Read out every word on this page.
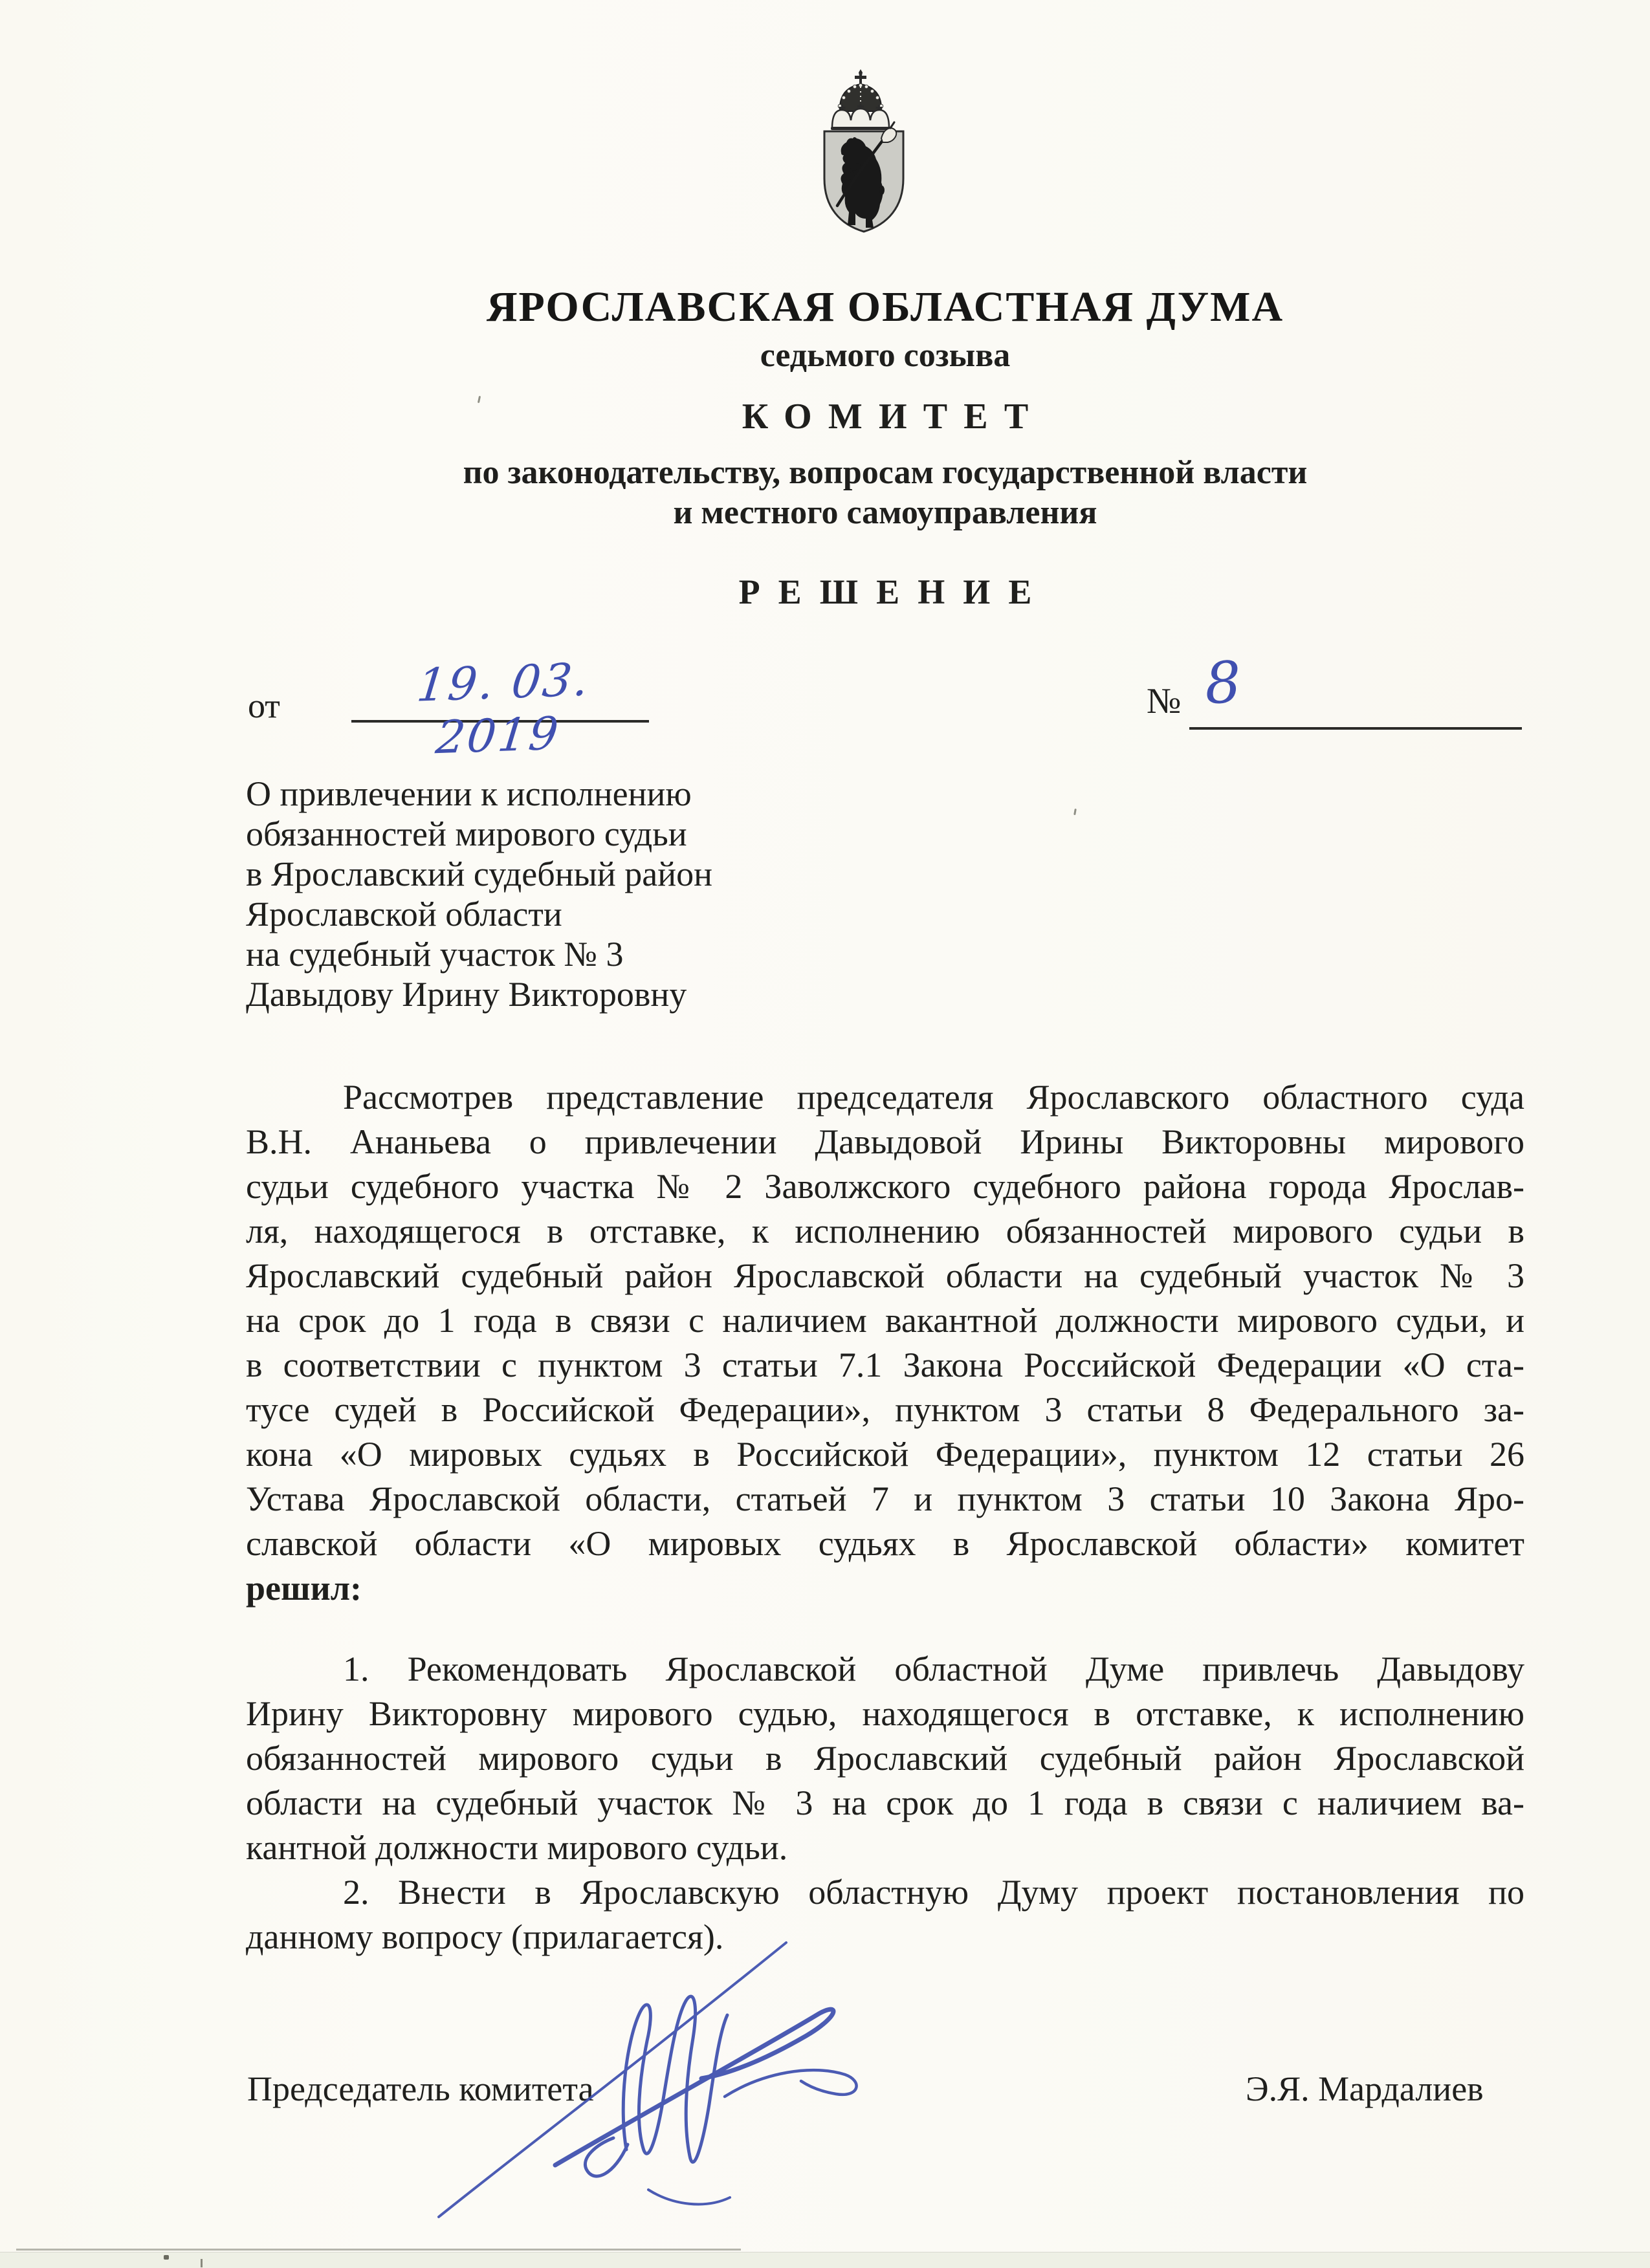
ЯРОСЛАВСКАЯ ОБЛАСТНАЯ ДУМА
седьмого созыва
КОМИТЕТ
по законодательству, вопросам государственной власти
и местного самоуправления
РЕШЕНИЕ
от	19. 03. 2019
№ 8
О привлечении к исполнению
обязанностей мирового судьи
в Ярославский судебный район
Ярославской области
на судебный участок № 3
Давыдову Ирину Викторовну
Рассмотрев представление председателя Ярославского областного суда
В.Н. Ананьева о привлечении Давыдовой Ирины Викторовны мирового
судьи судебного участка № 2 Заволжского судебного района города Ярослав-
ля, находящегося в отставке, к исполнению обязанностей мирового судьи в
Ярославский судебный район Ярославской области на судебный участок № 3
на срок до 1 года в связи с наличием вакантной должности мирового судьи, и
в соответствии с пунктом 3 статьи 7.1 Закона Российской Федерации «О ста-
тусе судей в Российской Федерации», пунктом 3 статьи 8 Федерального за-
кона «О мировых судьях в Российской Федерации», пунктом 12 статьи 26
Устава Ярославской области, статьей 7 и пунктом 3 статьи 10 Закона Яро-
славской области «О мировых судьях в Ярославской области» комитет
решил:
1. Рекомендовать Ярославской областной Думе привлечь Давыдову
Ирину Викторовну мирового судью, находящегося в отставке, к исполнению
обязанностей мирового судьи в Ярославский судебный район Ярославской
области на судебный участок № 3 на срок до 1 года в связи с наличием ва-
кантной должности мирового судьи.
2. Внести в Ярославскую областную Думу проект постановления по
данному вопросу (прилагается).
Председатель комитета	Э.Я. Мардалиев
